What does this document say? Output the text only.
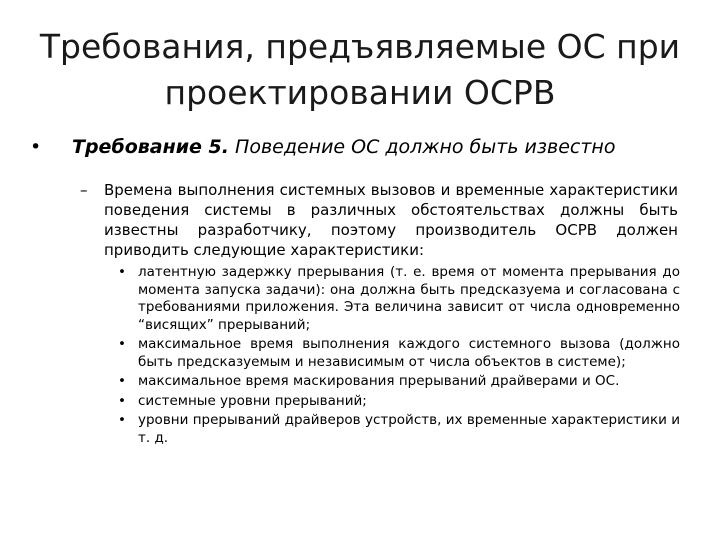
Требования, предъявляемые ОС при
проектировании ОСРВ
• Требование 5. Поведение ОС должно быть известно
– Времена выполнения системных вызовов и временные характеристики поведения системы в различных обстоятельствах должны быть известны разработчику, поэтому производитель ОСРВ должен приводить следующие характеристики:
• латентную задержку прерывания (т. е. время от момента прерывания до момента запуска задачи): она должна быть предсказуема и согласована с требованиями приложения. Эта величина зависит от числа одновременно “висящих” прерываний;
• максимальное время выполнения каждого системного вызова (должно быть предсказуемым и независимым от числа объектов в системе);
• максимальное время маскирования прерываний драйверами и ОС.
• системные уровни прерываний;
• уровни прерываний драйверов устройств, их временные характеристики и т. д.
